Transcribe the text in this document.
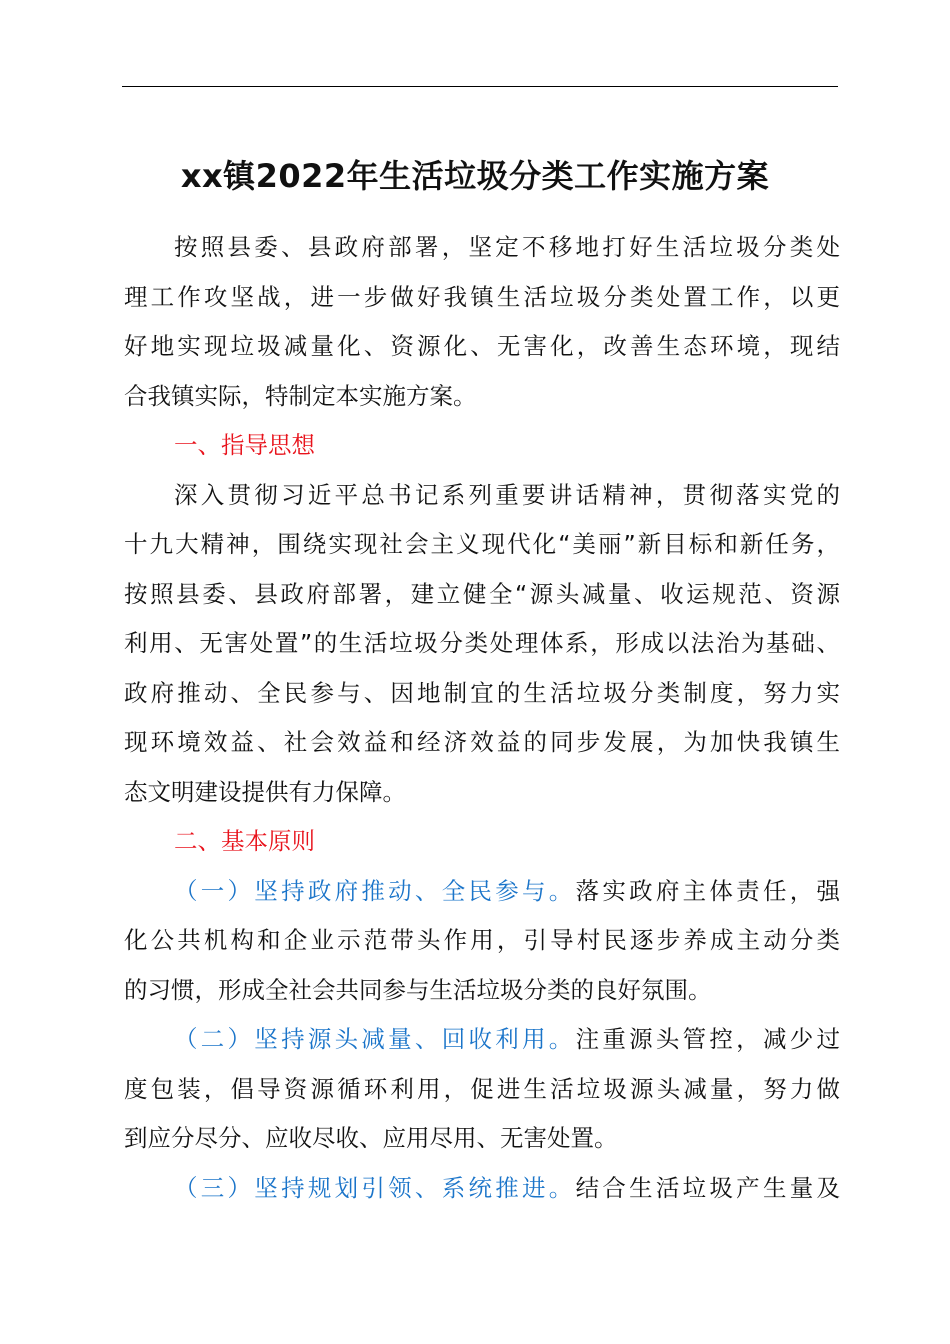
xx镇2022年生活垃圾分类工作实施方案
按照县委、县政府部署，坚定不移地打好生活垃圾分类处
理工作攻坚战，进一步做好我镇生活垃圾分类处置工作，以更
好地实现垃圾减量化、资源化、无害化，改善生态环境，现结
合我镇实际，特制定本实施方案。
一、指导思想
深入贯彻习近平总书记系列重要讲话精神，贯彻落实党的
十九大精神，围绕实现社会主义现代化“美丽”新目标和新任务，
按照县委、县政府部署，建立健全“源头减量、收运规范、资源
利用、无害处置”的生活垃圾分类处理体系，形成以法治为基础、
政府推动、全民参与、因地制宜的生活垃圾分类制度，努力实
现环境效益、社会效益和经济效益的同步发展，为加快我镇生
态文明建设提供有力保障。
二、基本原则
（一）坚持政府推动、全民参与。落实政府主体责任，强
化公共机构和企业示范带头作用，引导村民逐步养成主动分类
的习惯，形成全社会共同参与生活垃圾分类的良好氛围。
（二）坚持源头减量、回收利用。注重源头管控，减少过
度包装，倡导资源循环利用，促进生活垃圾源头减量，努力做
到应分尽分、应收尽收、应用尽用、无害处置。
（三）坚持规划引领、系统推进。结合生活垃圾产生量及
